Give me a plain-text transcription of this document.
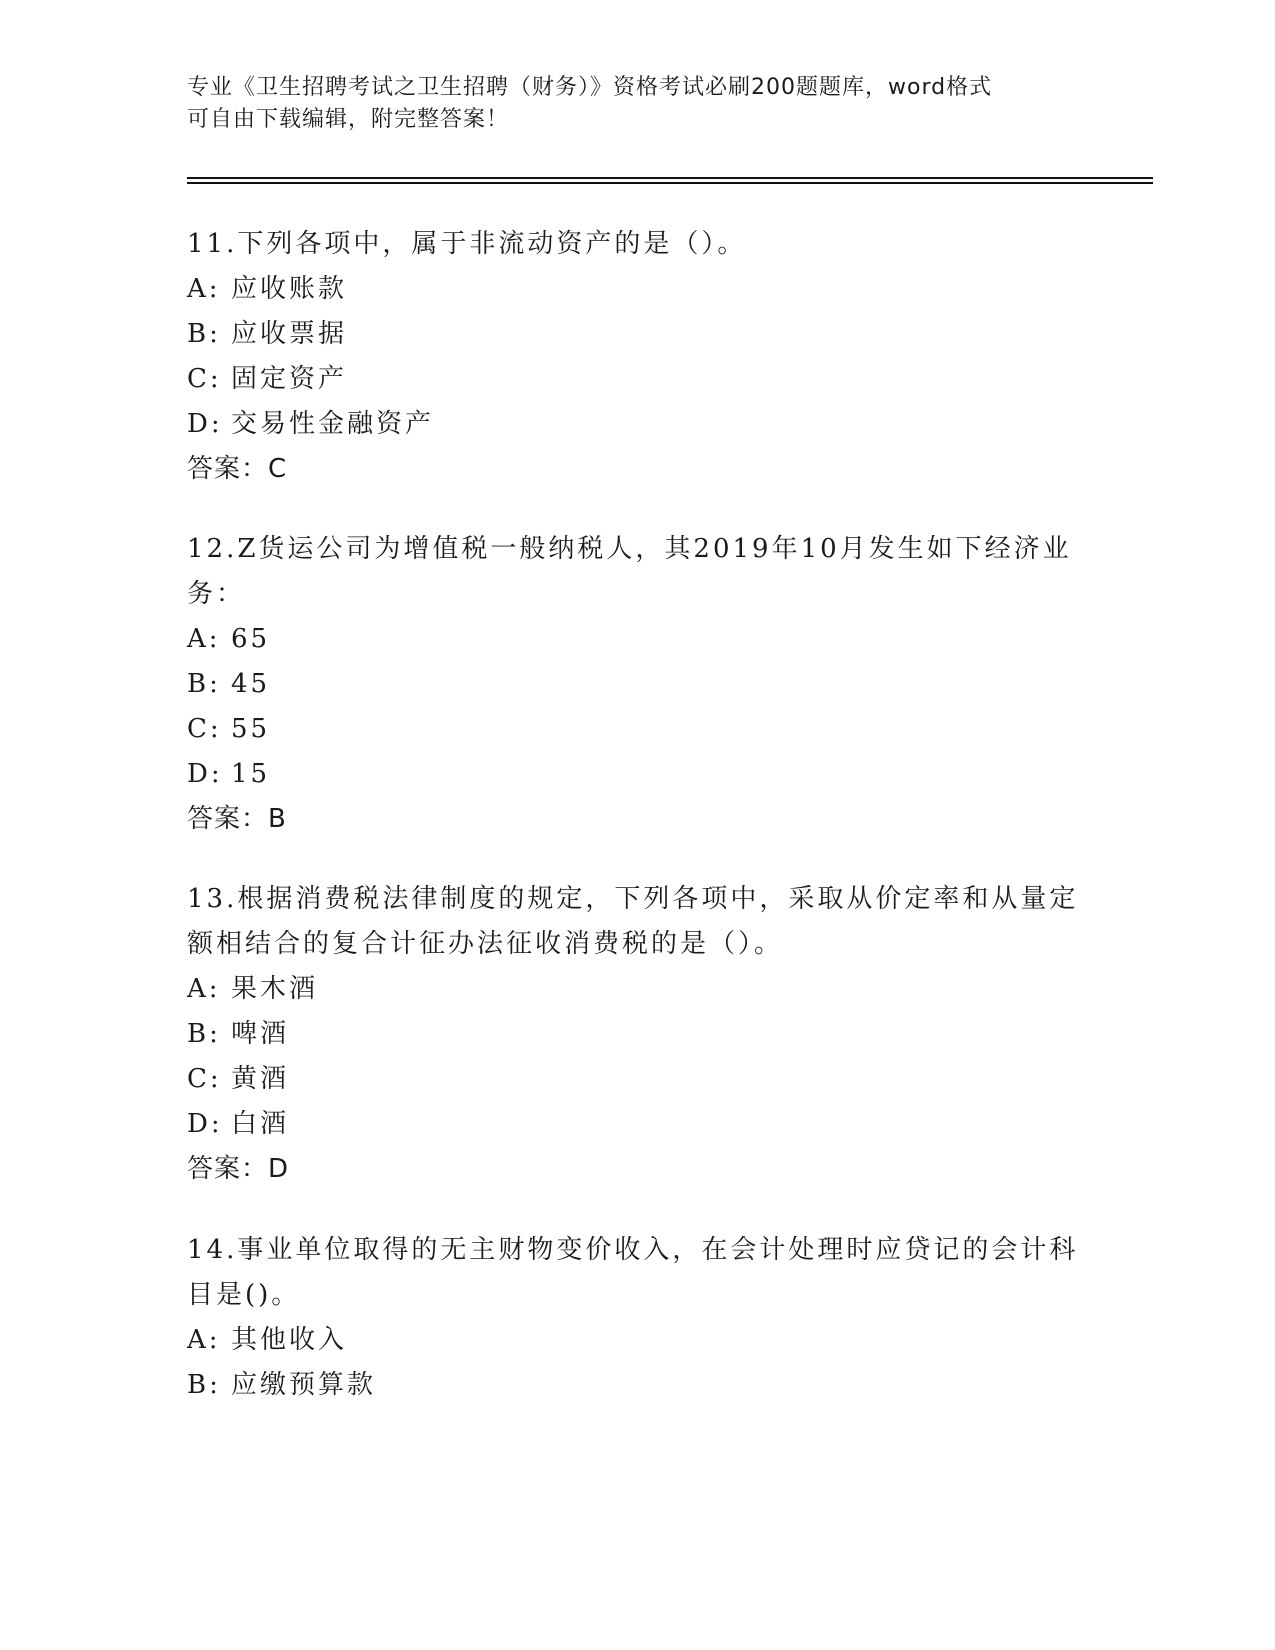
专业《卫生招聘考试之卫生招聘（财务）》资格考试必刷200题题库，word格式
可自由下载编辑，附完整答案！
11.下列各项中，属于非流动资产的是（）。
A: 应收账款
B: 应收票据
C: 固定资产
D: 交易性金融资产
答案：C
12.Z货运公司为增值税一般纳税人，其2019年10月发生如下经济业
务：
A: 65
B: 45
C: 55
D: 15
答案：B
13.根据消费税法律制度的规定，下列各项中，采取从价定率和从量定
额相结合的复合计征办法征收消费税的是（）。
A: 果木酒
B: 啤酒
C: 黄酒
D: 白酒
答案：D
14.事业单位取得的无主财物变价收入，在会计处理时应贷记的会计科
目是()。
A: 其他收入
B: 应缴预算款
